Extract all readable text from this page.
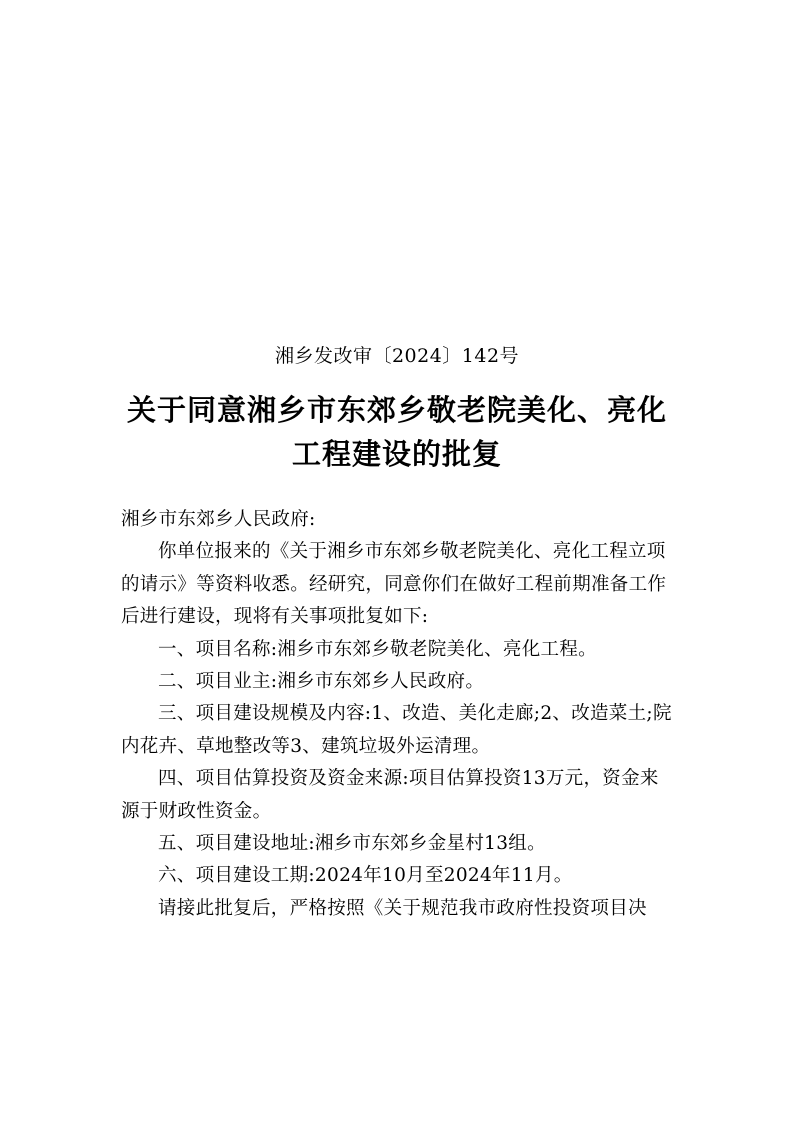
湘乡发改审〔2024〕142号
关于同意湘乡市东郊乡敬老院美化、亮化
工程建设的批复

湘乡市东郊乡人民政府:

你单位报来的《关于湘乡市东郊乡敬老院美化、亮化工程立项的请示》等资料收悉。经研究，同意你们在做好工程前期准备工作后进行建设，现将有关事项批复如下:

一、项目名称:湘乡市东郊乡敬老院美化、亮化工程。

二、项目业主:湘乡市东郊乡人民政府。

三、项目建设规模及内容:1、改造、美化走廊;2、改造菜土;院内花卉、草地整改等3、建筑垃圾外运清理。

四、项目估算投资及资金来源:项目估算投资13万元，资金来源于财政性资金。

五、项目建设地址:湘乡市东郊乡金星村13组。

六、项目建设工期:2024年10月至2024年11月。

请接此批复后，严格按照《关于规范我市政府性投资项目决
